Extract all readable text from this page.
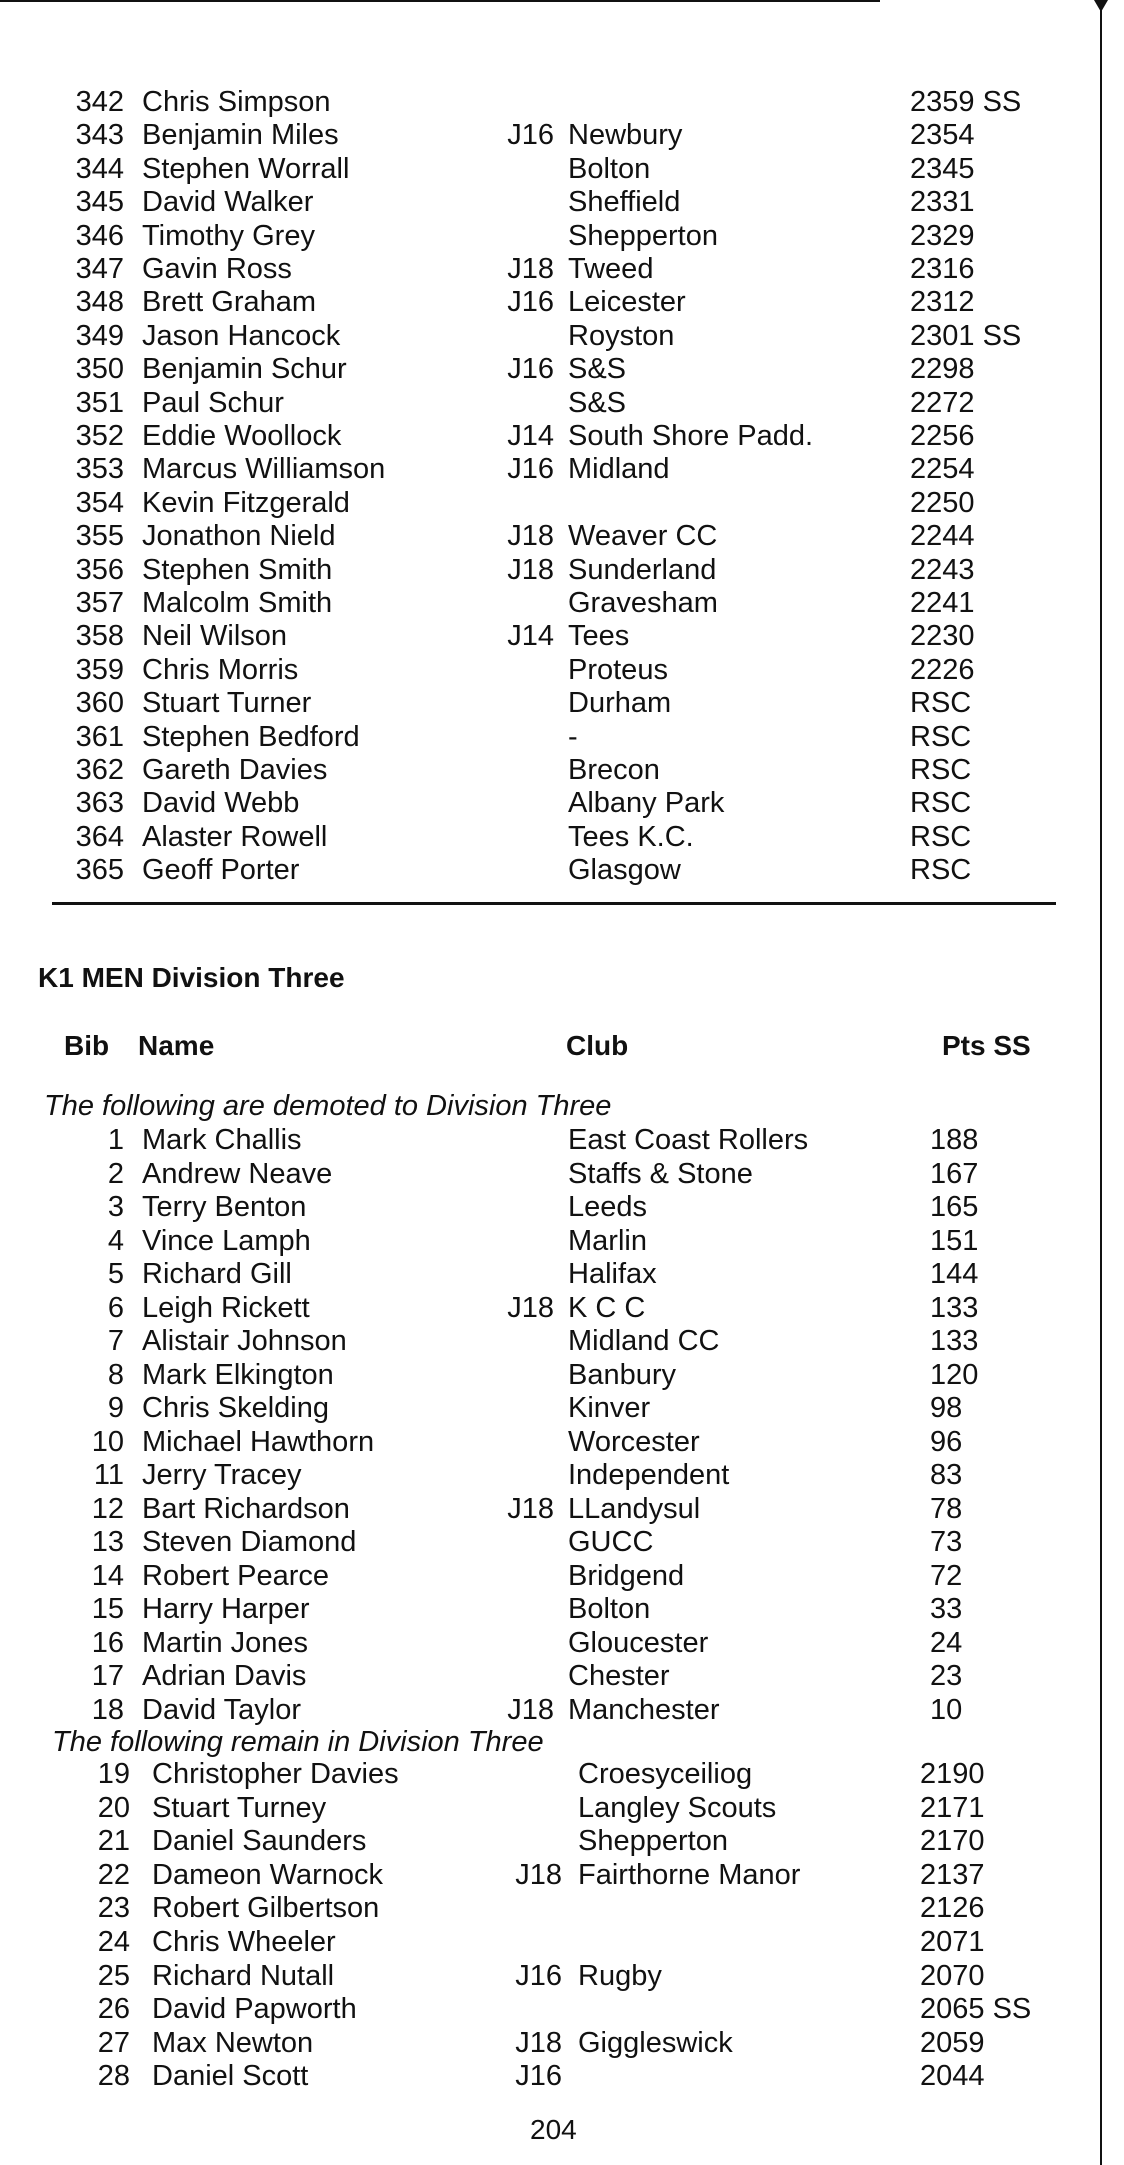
342 Chris Simpson	2359 SS
343 Benjamin Miles	J16 Newbury	2354
344 Stephen Worrall	Bolton	2345
345 David Walker	Sheffield	2331
346 Timothy Grey	Shepperton	2329
347 Gavin Ross	J18 Tweed	2316
348 Brett Graham	J16 Leicester	2312
349 Jason Hancock	Royston	2301 SS
350 Benjamin Schur	J16 S&S	2298
351 Paul Schur	S&S	2272
352 Eddie Woollock	J14 South Shore Padd.	2256
353 Marcus Williamson	J16 Midland	2254
354 Kevin Fitzgerald	2250
355 Jonathon Nield	J18 Weaver CC	2244
356 Stephen Smith	J18 Sunderland	2243
357 Malcolm Smith	Gravesham	2241
358 Neil Wilson	J14 Tees	2230
359 Chris Morris	Proteus	2226
360 Stuart Turner	Durham	RSC
361 Stephen Bedford	-	RSC
362 Gareth Davies	Brecon	RSC
363 David Webb	Albany Park	RSC
364 Alaster Rowell	Tees K.C.	RSC
365 Geoff Porter	Glasgow	RSC
K1 MEN Division Three
Bib Name	Club	Pts SS
The following are demoted to Division Three
1 Mark Challis	East Coast Rollers	188
2 Andrew Neave	Staffs & Stone	167
3 Terry Benton	Leeds	165
4 Vince Lamph	Marlin	151
5 Richard Gill	Halifax	144
6 Leigh Rickett	J18 K C C	133
7 Alistair Johnson	Midland CC	133
8 Mark Elkington	Banbury	120
9 Chris Skelding	Kinver	98
10 Michael Hawthorn	Worcester	96
11 Jerry Tracey	Independent	83
12 Bart Richardson	J18 LLandysul	78
13 Steven Diamond	GUCC	73
14 Robert Pearce	Bridgend	72
15 Harry Harper	Bolton	33
16 Martin Jones	Gloucester	24
17 Adrian Davis	Chester	23
18 David Taylor	J18 Manchester	10
The following remain in Division Three
19 Christopher Davies	Croesyceiliog	2190
20 Stuart Turney	Langley Scouts	2171
21 Daniel Saunders	Shepperton	2170
22 Dameon Warnock	J18 Fairthorne Manor	2137
23 Robert Gilbertson	2126
24 Chris Wheeler	2071
25 Richard Nutall	J16 Rugby	2070
26 David Papworth	2065 SS
27 Max Newton	J18 Giggleswick	2059
28 Daniel Scott	J16	2044
204
